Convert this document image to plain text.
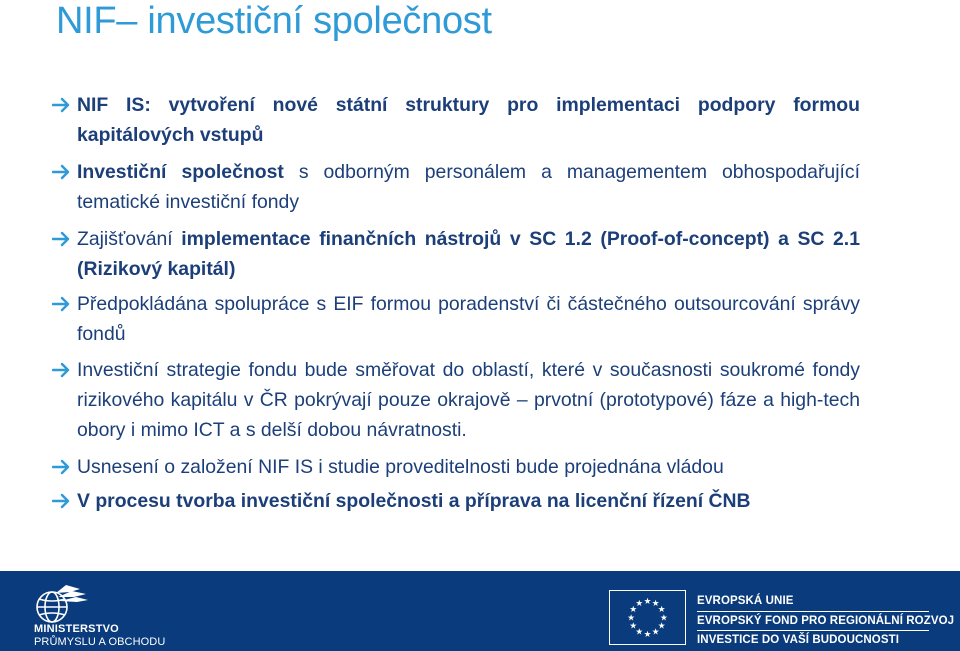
NIF– investiční společnost
NIF IS: vytvoření nové státní struktury pro implementaci podpory formou kapitálových vstupů
Investiční společnost s odborným personálem a managementem obhospodařující tematické investiční fondy
Zajišťování implementace finančních nástrojů v SC 1.2 (Proof-of-concept) a SC 2.1 (Rizikový kapitál)
Předpokládána spolupráce s EIF formou poradenství či částečného outsourcování správy fondů
Investiční strategie fondu bude směřovat do oblastí, které v současnosti soukromé fondy rizikového kapitálu v ČR pokrývají pouze okrajově – prvotní (prototypové) fáze a high-tech obory i mimo ICT a s delší dobou návratnosti.
Usnesení o založení NIF IS i studie proveditelnosti bude projednána vládou
V procesu tvorba investiční společnosti a příprava na licenční řízení ČNB
MINISTERSTVO
PRŮMYSLU A OBCHODU
★ ★
★
★
★
★
★
★
★
★
★
★	EVROPSKÁ UNIE
EVROPSKÝ FOND PRO REGIONÁLNÍ ROZVOJ
INVESTICE DO VAŠÍ BUDOUCNOSTI
